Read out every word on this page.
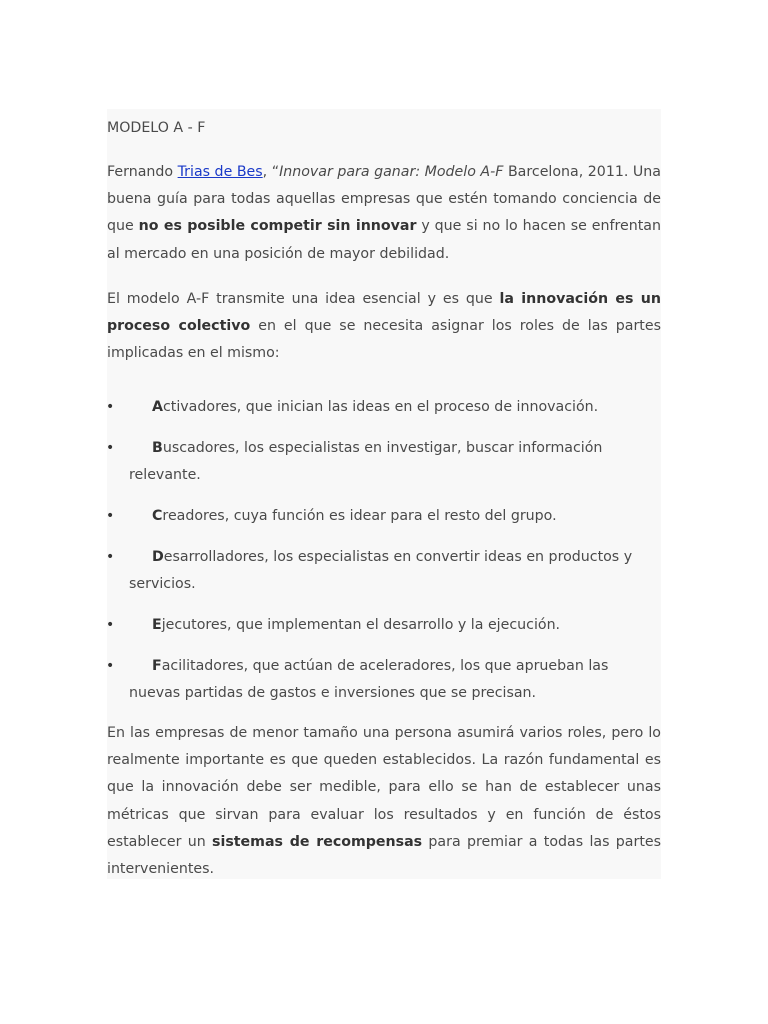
MODELO A - F

Fernando Trias de Bes, “Innovar para ganar: Modelo A-F Barcelona, 2011. Una buena guía para todas aquellas empresas que estén tomando conciencia de que no es posible competir sin innovar y que si no lo hacen se enfrentan al mercado en una posición de mayor debilidad.

El modelo A-F transmite una idea esencial y es que la innovación es un proceso colectivo en el que se necesita asignar los roles de las partes implicadas en el mismo:

•	Activadores, que inician las ideas en el proceso de innovación.
•	Buscadores, los especialistas en investigar, buscar información relevante.
•	Creadores, cuya función es idear para el resto del grupo.
•	Desarrolladores, los especialistas en convertir ideas en productos y servicios.
•	Ejecutores, que implementan el desarrollo y la ejecución.
•	Facilitadores, que actúan de aceleradores, los que aprueban las nuevas partidas de gastos e inversiones que se precisan.

En las empresas de menor tamaño una persona asumirá varios roles, pero lo realmente importante es que queden establecidos. La razón fundamental es que la innovación debe ser medible, para ello se han de establecer unas métricas que sirvan para evaluar los resultados y en función de éstos establecer un sistemas de recompensas para premiar a todas las partes intervenientes.
